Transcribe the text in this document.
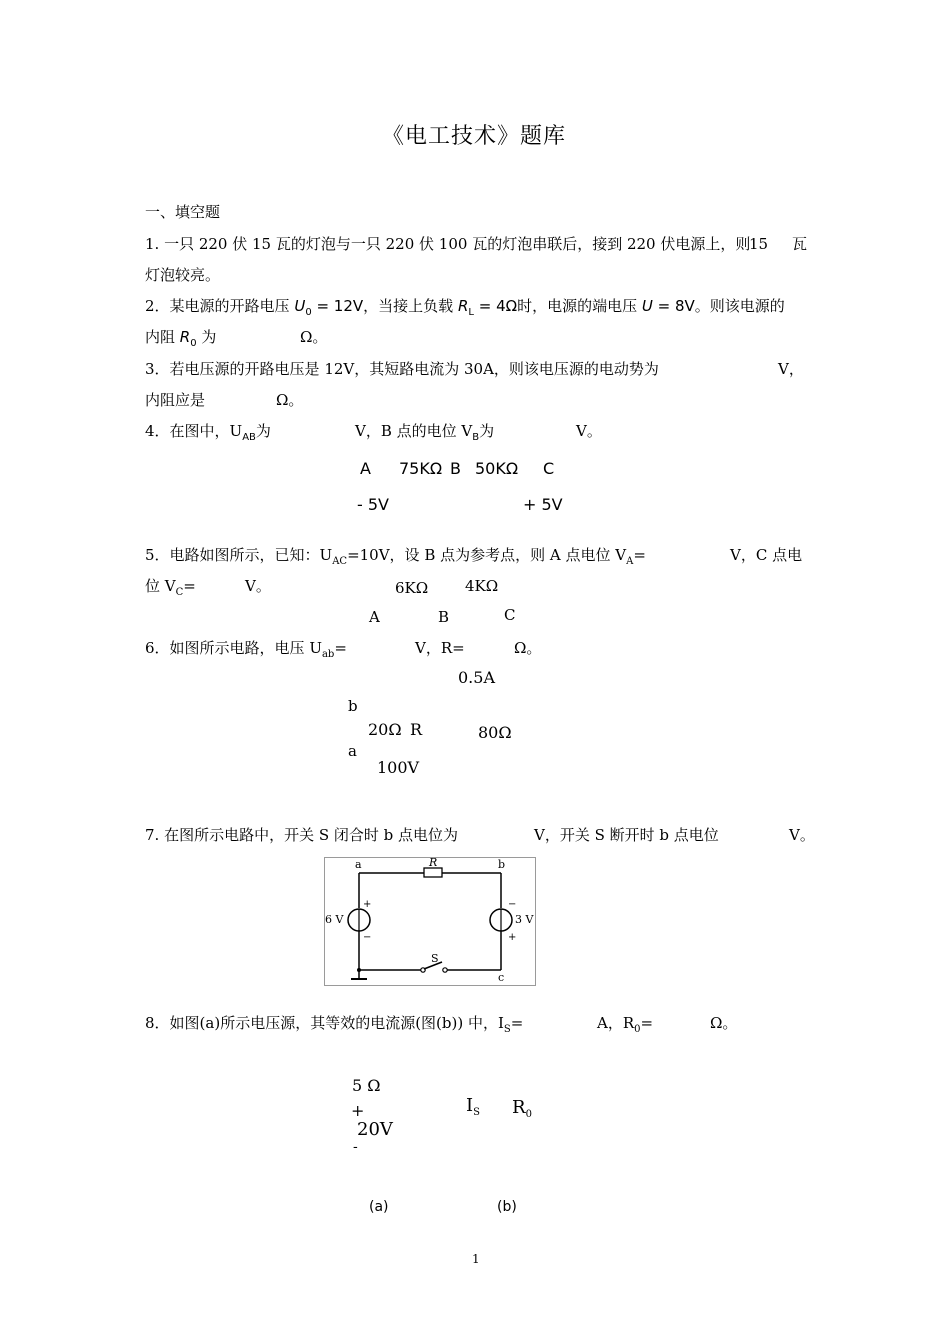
《电工技术》题库
一、填空题
1. 一只 220 伏 15 瓦的灯泡与一只 220 伏 100 瓦的灯泡串联后，接到 220 伏电源上，则
15 瓦
灯泡较亮。
2．某电源的开路电压 $U_0 = 12V$，当接上负载 $R_L = 4\Omega$时，电源的端电压 U = 8V。则该电源的
内阻 $R_0$ 为	Ω。
3．若电压源的开路电压是 12V，其短路电流为 30A，则该电压源的电动势为	V，
内阻应是	Ω。
4．在图中，$U_{AB}$为	V，B 点的电位 $V_B$为	V。
A 75KΩ B 50KΩ C
- 5V	+ 5V
5．电路如图所示，已知：$U_{AC}=10V$，设 B 点为参考点，则 A 点电位 $V_A=$	V，C 点电
位 $V_C=$	V。	6KΩ 4KΩ
A	B	C
6．如图所示电路，电压 $U_{ab}=$	V，R=	Ω。
0.5A
b
20Ω R	80Ω
a
100V
7. 在图所示电路中，开关 S 闭合时 b 点电位为	V，开关 S 断开时 b 点电位	V。
a	R	b
6 V	3 V
+
−
−
+
S
c
8．如图(a)所示电压源，其等效的电流源(图(b)) 中，$I_S=$	A，$R_0=$	Ω。
5 Ω
+
20V
-
$I_S$ $R_0$
(a)	(b)
1
